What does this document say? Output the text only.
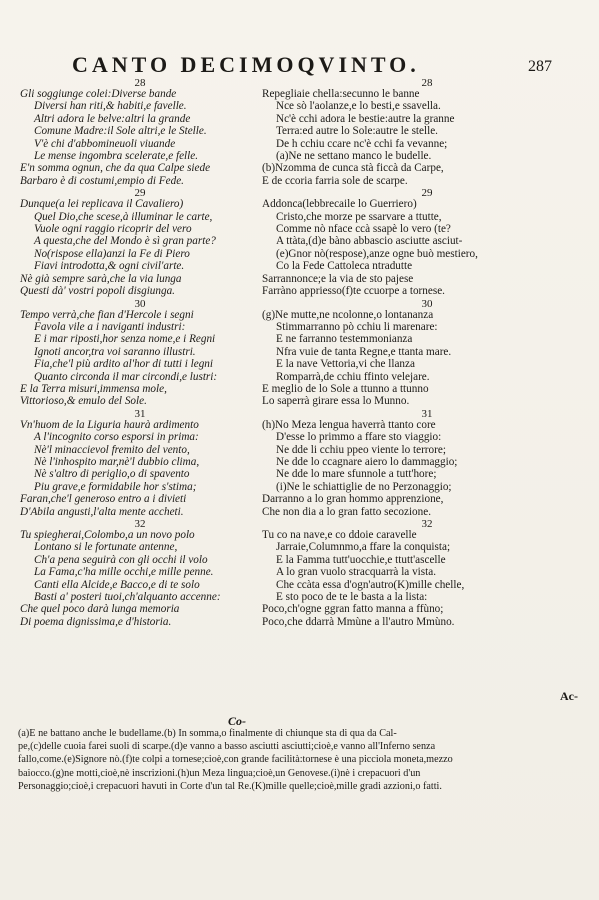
CANTO DECIMOQVINTO.	287
28
Gli soggiunge colei:Diverse bande
Diversi han riti,& habiti,e favelle.
Altri adora le belve:altri la grande
Comune Madre:il Sole altri,e le Stelle.
V'è chi d'abbomineuoli viuande
Le mense ingombra scelerate,e felle.
E'n somma ognun, che da qua Calpe siede
Barbaro è di costumi,empio di Fede.
29
Dunque(a lei replicava il Cavaliero)
Quel Dio,che scese,à illuminar le carte,
Vuole ogni raggio ricoprir del vero
A questa,che del Mondo è sì gran parte?
No(rispose ella)anzi la Fe di Piero
Fiavi introdotta,& ogni civil'arte.
Nè già sempre sarà,che la via lunga
Questi dà' vostri popoli disgiunga.
30
Tempo verrà,che fian d'Hercole i segni
Favola vile a i naviganti industri:
E i mar riposti,hor senza nome,e i Regni
Ignoti ancor,tra voi saranno illustri.
Fia,che'l più ardito al'hor di tutti i legni
Quanto circonda il mar circondi,e lustri:
E la Terra misuri,immensa mole,
Vittorioso,& emulo del Sole.
31
Vn'huom de la Liguria haurà ardimento
A l'incognito corso esporsi in prima:
Nè'l minaccievol fremito del vento,
Nè l'inhospito mar,nè'l dubbio clima,
Nè s'altro di periglio,o di spavento
Piu grave,e formidabile hor s'stima;
Faran,che'l generoso entro a i divieti
D'Abila angusti,l'alta mente accheti.
32
Tu spiegherai,Colombo,a un novo polo
Lontano si le fortunate antenne,
Ch'a pena seguirà con gli occhi il volo
La Fama,c'ha mille occhi,e mille penne.
Canti ella Alcide,e Bacco,e di te solo
Basti a' posteri tuoi,ch'alquanto accenne:
Che quel poco darà lunga memoria
Di poema dignissima,e d'historia.
28
Repegliaie chella:secunno le banne
Nce sò l'aolanze,e lo besti,e ssavella.
Nc'è cchi adora le bestie:autre la granne
Terra:ed autre lo Sole:autre le stelle.
De h cchiu ccare nc'è cchi fa vevanne;
(a)Ne ne settano manco le budelle.
(b)Nzomma de cunca stà ficcà da Carpe,
E de ccoria farria sole de scarpe.
29
Addonca(lebbrecaile lo Guerriero)
Cristo,che morze pe ssarvare a ttutte,
Comme nò nface ccà ssapè lo vero (te?
A ttàta,(d)e bàno abbascio asciutte asciut-
(e)Gnor nò(respose),anze ogne buò mestiero,
Co la Fede Cattoleca ntradutte
Sarrannonce;e la via de sto pajese
Farràno appriesso(f)te ccuorpe a tornese.
30
(g)Ne mutte,ne ncolonne,o lontananza
Stimmarranno pò cchiu li marenare:
E ne farranno testemmonianza
Nfra vuie de tanta Regne,e ttanta mare.
E la nave Vettoria,vi che llanza
Romparrà,de cchiu ffinto velejare.
E meglio de lo Sole a ttunno a ttunno
Lo saperrà girare essa lo Munno.
31
(h)No Meza lengua haverrà ttanto core
D'esse lo primmo a ffare sto viaggio:
Ne dde li cchiu ppeo viente lo terrore;
Ne dde lo ccagnare aiero lo dammaggio;
Ne dde lo mare sfunnole a tutt'hore;
(i)Ne le schiattiglie de no Perzonaggio;
Darranno a lo gran hommo apprenzione,
Che non dia a lo gran fatto secozione.
32
Tu co na nave,e co ddoie caravelle
Jarraie,Columnmo,a ffare la conquista;
E la Famma tutt'uocchie,e ttutt'ascelle
A lo gran vuolo stracquarrà la vista.
Che ccàta essa d'ogn'autro(K)mille chelle,
E sto poco de te le basta a la lista:
Poco,ch'ogne ggran fatto manna a ffùno;
Poco,che ddarrà Mmùne a ll'autro Mmùno.
Co-
Ac-
(a)E ne battano anche le budellame.(b) In somma,o finalmente di chiunque sta di qua da Cal-
pe,(c)delle cuoia farei suoli di scarpe.(d)e vanno a basso asciutti asciutti;cioè,e vanno all'Inferno senza
fallo,come.(e)Signore nò.(f)te colpi a tornese;cioè,con grande facilità:tornese è una picciola moneta,mezzo
baiocco.(g)ne motti,cioè,nè inscrizioni.(h)un Meza lingua;cioè,un Genovese.(i)nè i crepacuori d'un
Personaggio;cioè,i crepacuori havuti in Corte d'un tal Re.(K)mille quelle;cioè,mille gradi azzioni,o fatti.
